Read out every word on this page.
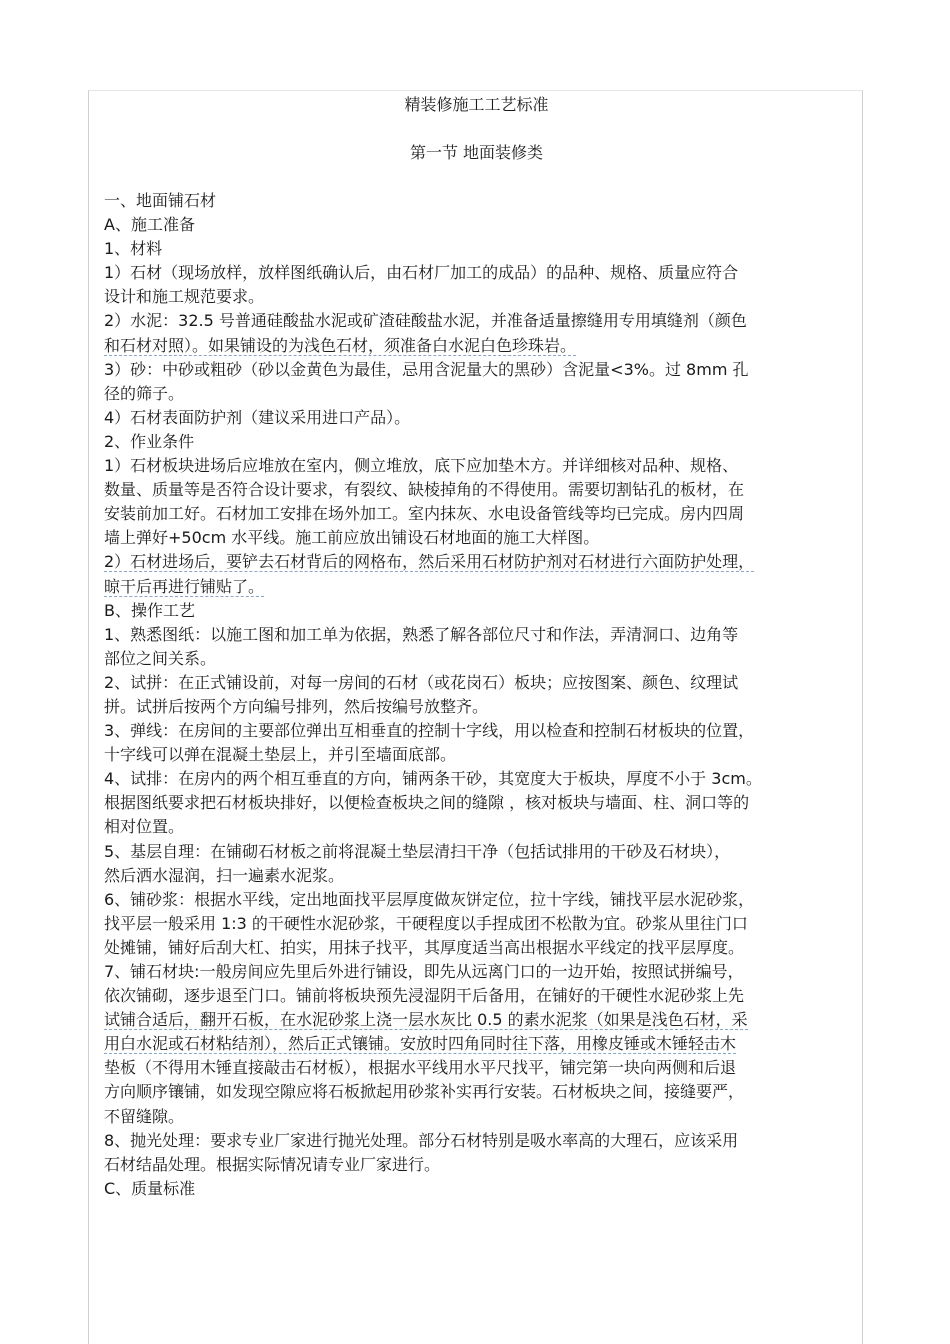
精装修施工工艺标准
第一节 地面装修类
一、地面铺石材
A、施工准备
1、材料
1）石材（现场放样，放样图纸确认后，由石材厂加工的成品）的品种、规格、质量应符合
设计和施工规范要求。
2）水泥：32.5 号普通硅酸盐水泥或矿渣硅酸盐水泥，并准备适量擦缝用专用填缝剂（颜色
和石材对照）。如果铺设的为浅色石材，须准备白水泥白色珍珠岩。
3）砂：中砂或粗砂（砂以金黄色为最佳，忌用含泥量大的黑砂）含泥量<3%。过 8mm 孔
径的筛子。
4）石材表面防护剂（建议采用进口产品）。
2、作业条件
1）石材板块进场后应堆放在室内，侧立堆放，底下应加垫木方。并详细核对品种、规格、
数量、质量等是否符合设计要求，有裂纹、缺棱掉角的不得使用。需要切割钻孔的板材，在
安装前加工好。石材加工安排在场外加工。室内抹灰、水电设备管线等均已完成。房内四周
墙上弹好+50cm 水平线。施工前应放出铺设石材地面的施工大样图。
2）石材进场后，要铲去石材背后的网格布，然后采用石材防护剂对石材进行六面防护处理，
晾干后再进行铺贴了。
B、操作工艺
1、熟悉图纸：以施工图和加工单为依据，熟悉了解各部位尺寸和作法，弄清洞口、边角等
部位之间关系。
2、试拼：在正式铺设前，对每一房间的石材（或花岗石）板块；应按图案、颜色、纹理试
拼。试拼后按两个方向编号排列，然后按编号放整齐。
3、弹线：在房间的主要部位弹出互相垂直的控制十字线，用以检查和控制石材板块的位置，
十字线可以弹在混凝土垫层上，并引至墙面底部。
4、试排：在房内的两个相互垂直的方向，铺两条干砂，其宽度大于板块，厚度不小于 3cm。
根据图纸要求把石材板块排好，以便检查板块之间的缝隙 ，核对板块与墙面、柱、洞口等的
相对位置。
5、基层自理：在铺砌石材板之前将混凝土垫层清扫干净（包括试排用的干砂及石材块），
然后洒水湿润，扫一遍素水泥浆。
6、铺砂浆：根据水平线，定出地面找平层厚度做灰饼定位，拉十字线，铺找平层水泥砂浆，
找平层一般采用 1:3 的干硬性水泥砂浆，干硬程度以手捏成团不松散为宜。砂浆从里往门口
处摊铺，铺好后刮大杠、拍实，用抹子找平，其厚度适当高出根据水平线定的找平层厚度。
7、铺石材块:一般房间应先里后外进行铺设，即先从远离门口的一边开始，按照试拼编号，
依次铺砌，逐步退至门口。铺前将板块预先浸湿阴干后备用，在铺好的干硬性水泥砂浆上先
试铺合适后，翻开石板，在水泥砂浆上浇一层水灰比 0.5 的素水泥浆（如果是浅色石材，采
用白水泥或石材粘结剂），然后正式镶铺。安放时四角同时往下落，用橡皮锤或木锤轻击木
垫板（不得用木锤直接敲击石材板），根据水平线用水平尺找平，铺完第一块向两侧和后退
方向顺序镶铺，如发现空隙应将石板掀起用砂浆补实再行安装。石材板块之间，接缝要严，
不留缝隙。
8、抛光处理：要求专业厂家进行抛光处理。部分石材特别是吸水率高的大理石，应该采用
石材结晶处理。根据实际情况请专业厂家进行。
C、质量标准
